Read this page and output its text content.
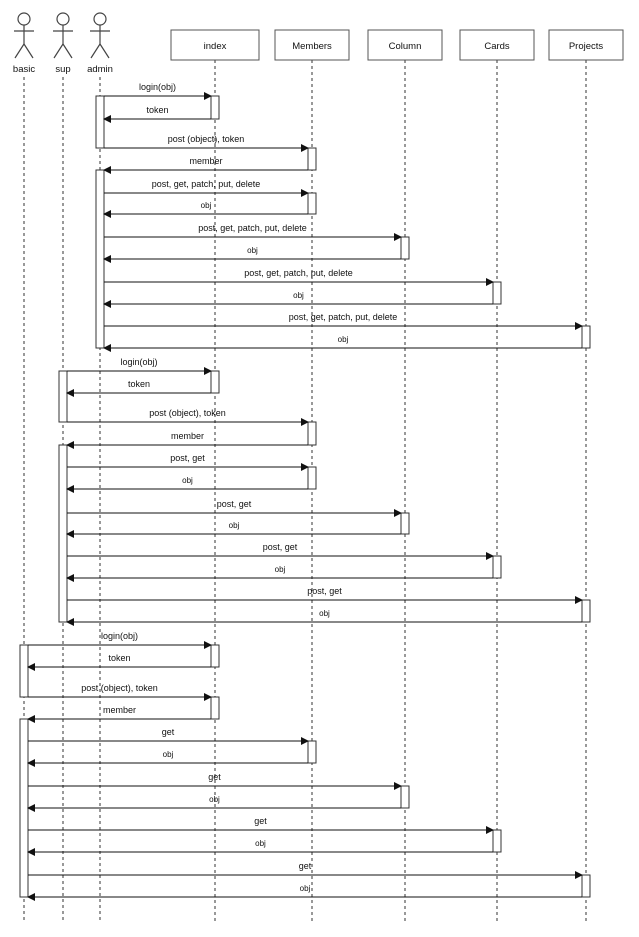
basic sup admin
index	Members	Column	Cards	Projects
login(obj)
token
post (object), token
member
post, get, patch, put, delete
obj
post, get, patch, put, delete
obj
post, get, patch, put, delete
obj
post, get, patch, put, delete
obj
login(obj)
token
post (object), token
member
post, get
obj
post, get
obj
post, get
obj
post, get
obj
login(obj)
token
post (object), token
member
get
obj
get
obj
get
obj
get
obj
